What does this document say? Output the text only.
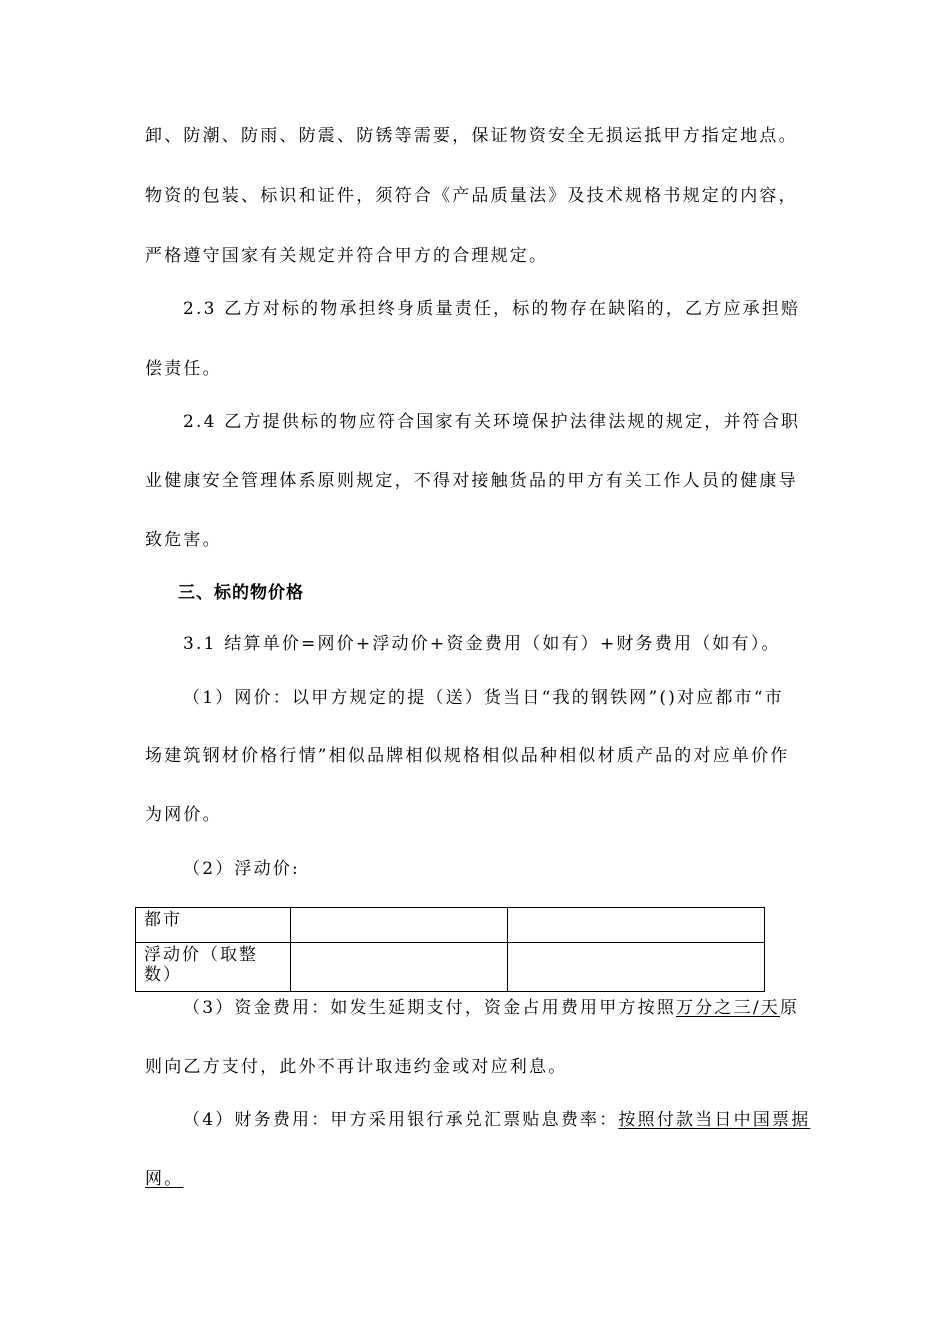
卸、防潮、防雨、防震、防锈等需要，保证物资安全无损运抵甲方指定地点。
物资的包装、标识和证件，须符合《产品质量法》及技术规格书规定的内容，
严格遵守国家有关规定并符合甲方的合理规定。
2.3 乙方对标的物承担终身质量责任，标的物存在缺陷的，乙方应承担赔
偿责任。
2.4 乙方提供标的物应符合国家有关环境保护法律法规的规定，并符合职
业健康安全管理体系原则规定，不得对接触货品的甲方有关工作人员的健康导
致危害。
三、标的物价格
3.1 结算单价=网价+浮动价+资金费用（如有）+财务费用（如有）。
（1）网价：以甲方规定的提（送）货当日“我的钢铁网”()对应都市“市
场建筑钢材价格行情”相似品牌相似规格相似品种相似材质产品的对应单价作
为网价。
（2）浮动价:
都市		
浮动价（取整数）		
（3）资金费用：如发生延期支付，资金占用费用甲方按照万分之三/天原
则向乙方支付，此外不再计取违约金或对应利息。
（4）财务费用：甲方采用银行承兑汇票贴息费率：按照付款当日中国票据
网。
